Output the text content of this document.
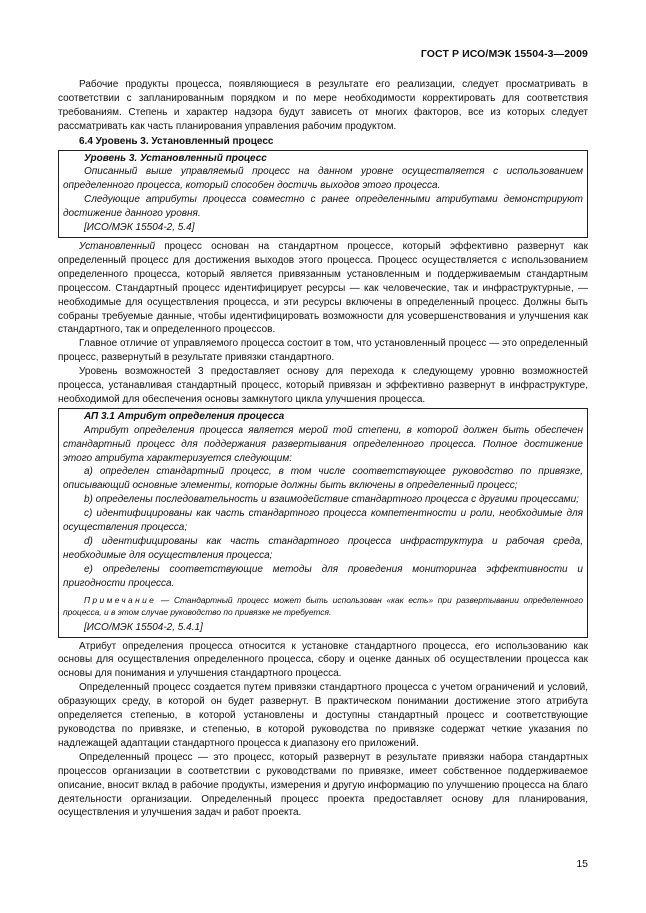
ГОСТ Р ИСО/МЭК 15504-3—2009

Рабочие продукты процесса, появляющиеся в результате его реализации, следует просматривать в соответствии с запланированным порядком и по мере необходимости корректировать для соответствия требованиям. Степень и характер надзора будут зависеть от многих факторов, все из которых следует рассматривать как часть планирования управления рабочим продуктом.

6.4 Уровень 3. Установленный процесс

Уровень 3. Установленный процесс

Описанный выше управляемый процесс на данном уровне осуществляется с использованием определенного процесса, который способен достичь выходов этого процесса.

Следующие атрибуты процесса совместно с ранее определенными атрибутами демонстрируют достижение данного уровня.

[ИСО/МЭК 15504-2, 5.4]

Установленный процесс основан на стандартном процессе, который эффективно развернут как определенный процесс для достижения выходов этого процесса. Процесс осуществляется с использованием определенного процесса, который является привязанным установленным и поддерживаемым стандартным процессом. Стандартный процесс идентифицирует ресурсы — как человеческие, так и инфраструктурные, — необходимые для осуществления процесса, и эти ресурсы включены в определенный процесс. Должны быть собраны требуемые данные, чтобы идентифицировать возможности для усовершенствования и улучшения как стандартного, так и определенного процессов.

Главное отличие от управляемого процесса состоит в том, что установленный процесс — это определенный процесс, развернутый в результате привязки стандартного.

Уровень возможностей 3 предоставляет основу для перехода к следующему уровню возможностей процесса, устанавливая стандартный процесс, который привязан и эффективно развернут в инфраструктуре, необходимой для обеспечения основы замкнутого цикла улучшения процесса.

АП 3.1 Атрибут определения процесса

Атрибут определения процесса является мерой той степени, в которой должен быть обеспечен стандартный процесс для поддержания развертывания определенного процесса. Полное достижение этого атрибута характеризуется следующим:

а) определен стандартный процесс, в том числе соответствующее руководство по привязке, описывающий основные элементы, которые должны быть включены в определенный процесс;

b) определены последовательность и взаимодействие стандартного процесса с другими процессами;

c) идентифицированы как часть стандартного процесса компетентности и роли, необходимые для осуществления процесса;

d) идентифицированы как часть стандартного процесса инфраструктура и рабочая среда, необходимые для осуществления процесса;

е) определены соответствующие методы для проведения мониторинга эффективности и пригодности процесса.

Примечание — Стандартный процесс может быть использован «как есть» при развертывании определенного процесса, и в этом случае руководство по привязке не требуется.

[ИСО/МЭК 15504-2, 5.4.1]

Атрибут определения процесса относится к установке стандартного процесса, его использованию как основы для осуществления определенного процесса, сбору и оценке данных об осуществлении процесса как основы для понимания и улучшения стандартного процесса.

Определенный процесс создается путем привязки стандартного процесса с учетом ограничений и условий, образующих среду, в которой он будет развернут. В практическом понимании достижение этого атрибута определяется степенью, в которой установлены и доступны стандартный процесс и соответствующие руководства по привязке, и степенью, в которой руководства по привязке содержат четкие указания по надлежащей адаптации стандартного процесса к диапазону его приложений.

Определенный процесс — это процесс, который развернут в результате привязки набора стандартных процессов организации в соответствии с руководствами по привязке, имеет собственное поддерживаемое описание, вносит вклад в рабочие продукты, измерения и другую информацию по улучшению процесса на благо деятельности организации. Определенный процесс проекта предоставляет основу для планирования, осуществления и улучшения задач и работ проекта.

15
